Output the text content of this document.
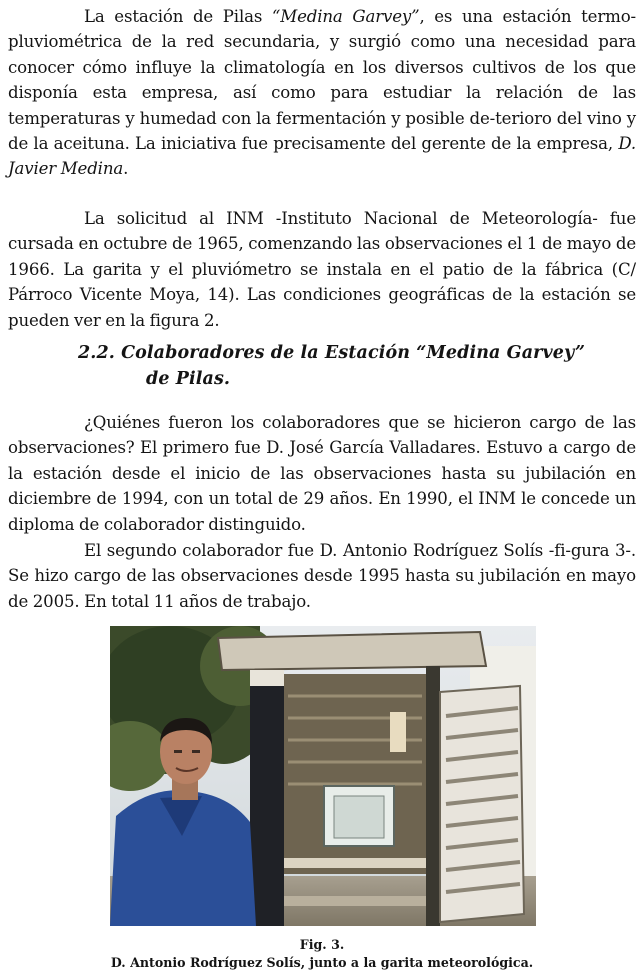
La estación de Pilas “Medina Garvey”, es una estación termo-pluviométrica de la red secundaria, y surgió como una necesidad para conocer cómo influye la climatología en los diversos cultivos de los que disponía esta empresa, así como para estudiar la relación de las temperaturas y humedad con la fermentación y posible de-terioro del vino y de la aceituna. La iniciativa fue precisamente del gerente de la empresa, D. Javier Medina.

La solicitud al INM -Instituto Nacional de Meteorología- fue cursada en octubre de 1965, comenzando las observaciones el 1 de mayo de 1966. La garita y el pluviómetro se instala en el patio de la fábrica (C/ Párroco Vicente Moya, 14). Las condiciones geográficas de la estación se pueden ver en la figura 2.

2.2. Colaboradores de la Estación “Medina Garvey”
de Pilas.

¿Quiénes fueron los colaboradores que se hicieron cargo de las observaciones? El primero fue D. José García Valladares. Estuvo a cargo de la estación desde el inicio de las observaciones hasta su jubilación en diciembre de 1994, con un total de 29 años. En 1990, el INM le concede un diploma de colaborador distinguido.

El segundo colaborador fue D. Antonio Rodríguez Solís -fi-gura 3-. Se hizo cargo de las observaciones desde 1995 hasta su jubilación en mayo de 2005. En total 11 años de trabajo.

Fig. 3.

D. Antonio Rodríguez Solís, junto a la garita meteorológica.
